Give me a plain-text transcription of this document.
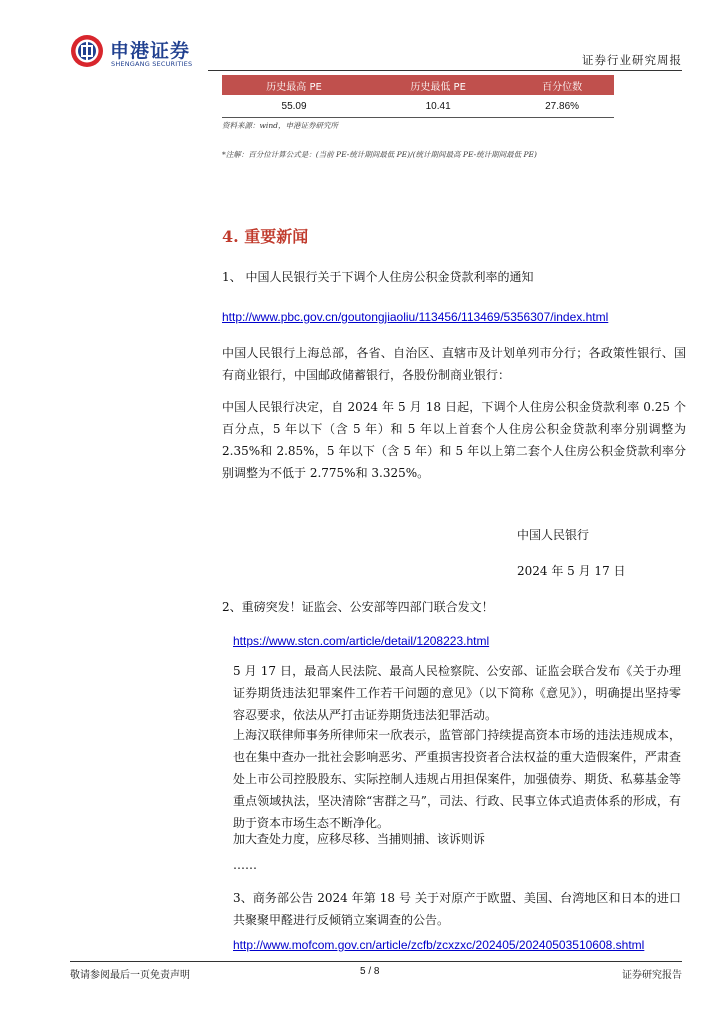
申港证券
SHENGANG SECURITIES	证券行业研究周报
历史最高 PE	历史最低 PE	百分位数
55.09	10.41	27.86%
资料来源：wind，申港证券研究所
*注解：百分位计算公式是：(当前 PE-统计期间最低 PE)/(统计期间最高 PE-统计期间最低 PE)
4. 重要新闻
1、 中国人民银行关于下调个人住房公积金贷款利率的通知
http://www.pbc.gov.cn/goutongjiaoliu/113456/113469/5356307/index.html
中国人民银行上海总部，各省、自治区、直辖市及计划单列市分行；各政策性银行、国有商业银行，中国邮政储蓄银行，各股份制商业银行：
中国人民银行决定，自 2024 年 5 月 18 日起，下调个人住房公积金贷款利率 0.25 个百分点，5 年以下（含 5 年）和 5 年以上首套个人住房公积金贷款利率分别调整为 2.35%和 2.85%，5 年以下（含 5 年）和 5 年以上第二套个人住房公积金贷款利率分别调整为不低于 2.775%和 3.325%。
中国人民银行
2024 年 5 月 17 日
2、重磅突发！证监会、公安部等四部门联合发文！
https://www.stcn.com/article/detail/1208223.html
5 月 17 日，最高人民法院、最高人民检察院、公安部、证监会联合发布《关于办理证券期货违法犯罪案件工作若干问题的意见》（以下简称《意见》），明确提出坚持零容忍要求，依法从严打击证券期货违法犯罪活动。
上海汉联律师事务所律师宋一欣表示，监管部门持续提高资本市场的违法违规成本，也在集中查办一批社会影响恶劣、严重损害投资者合法权益的重大造假案件，严肃查处上市公司控股股东、实际控制人违规占用担保案件，加强债券、期货、私募基金等重点领域执法，坚决清除“害群之马”，司法、行政、民事立体式追责体系的形成，有助于资本市场生态不断净化。
加大查处力度，应移尽移、当捕则捕、该诉则诉
……
3、商务部公告 2024 年第 18 号 关于对原产于欧盟、美国、台湾地区和日本的进口共聚聚甲醛进行反倾销立案调查的公告。
http://www.mofcom.gov.cn/article/zcfb/zcxzxc/202405/20240503510608.shtml
敬请参阅最后一页免责声明	5 / 8	证券研究报告
